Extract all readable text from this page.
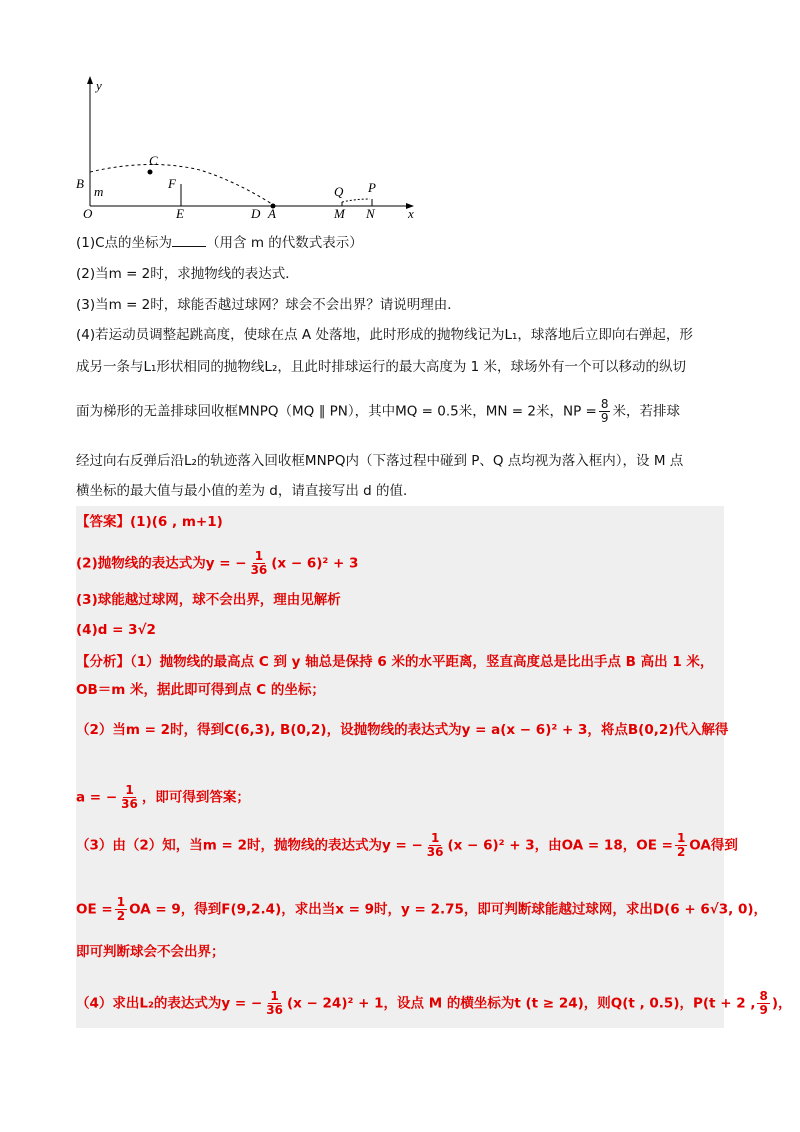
y
x
O
B
m
C
F
E	D A
Q P
M N
(1)C点的坐标为	（用含 m 的代数式表示）
(2)当m = 2时，求抛物线的表达式．
(3)当m = 2时，球能否越过球网？球会不会出界？请说明理由．
(4)若运动员调整起跳高度，使球在点 A 处落地，此时形成的抛物线记为L₁，球落地后立即向右弹起，形
成另一条与L₁形状相同的抛物线L₂，且此时排球运行的最大高度为 1 米，球场外有一个可以移动的纵切
面为梯形的无盖排球回收框MNPQ（MQ ∥ PN），其中MQ = 0.5米，MN = 2米，NP = $\frac{8}{9}$ 米，若排球
经过向右反弹后沿L₂的轨迹落入回收框MNPQ内（下落过程中碰到 P、Q 点均视为落入框内），设 M 点
横坐标的最大值与最小值的差为 d，请直接写出 d 的值．
【答案】(1)(6 , m+1)
(2)抛物线的表达式为y = − $\frac{1}{36} (x - 6)^2 + 3$
(3)球能越过球网，球不会出界，理由见解析
(4)d = 3√2
【分析】（1）抛物线的最高点 C 到 y 轴总是保持 6 米的水平距离，竖直高度总是比出手点 B 高出 1 米，
OB＝m 米，据此即可得到点 C 的坐标；
（2）当m = 2时，得到C(6,3), B(0,2)，设抛物线的表达式为y = a(x − 6)² + 3，将点B(0,2)代入解得
a = − $\frac{1}{36}$ ，即可得到答案；
（3）由（2）知，当m = 2时，抛物线的表达式为y = − $\frac{1}{36} (x - 6)^2 + 3$，由OA = 18，OE = $\frac{1}{2}$ OA得到
OE = $\frac{1}{2}$ OA = 9，得到F(9,2.4)，求出当x = 9时，y = 2.75，即可判断球能越过球网，求出D(6 + 6√3, 0)，
即可判断球会不会出界；
（4）求出L₂的表达式为y = − $\frac{1}{36} (x - 24)^2 + 1$，设点 M 的横坐标为t (t ≥ 24)，则Q(t , 0.5)，P(t + 2 , $\frac{8}{9}$ )，
